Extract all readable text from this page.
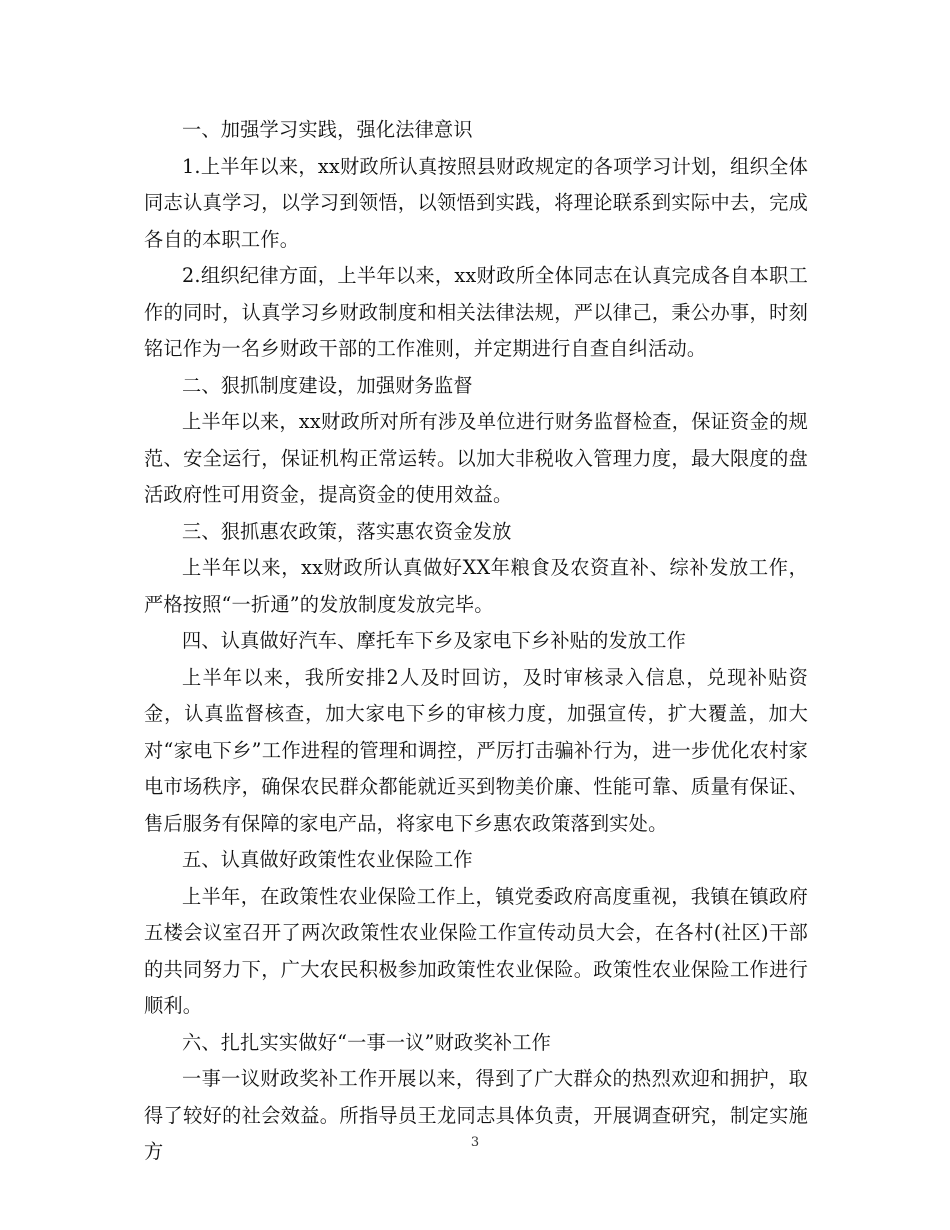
一、加强学习实践，强化法律意识

1.上半年以来，xx财政所认真按照县财政规定的各项学习计划，组织全体同志认真学习，以学习到领悟，以领悟到实践，将理论联系到实际中去，完成各自的本职工作。

2.组织纪律方面，上半年以来，xx财政所全体同志在认真完成各自本职工作的同时，认真学习乡财政制度和相关法律法规，严以律己，秉公办事，时刻铭记作为一名乡财政干部的工作准则，并定期进行自查自纠活动。

二、狠抓制度建设，加强财务监督

上半年以来，xx财政所对所有涉及单位进行财务监督检查，保证资金的规范、安全运行，保证机构正常运转。以加大非税收入管理力度，最大限度的盘活政府性可用资金，提高资金的使用效益。

三、狠抓惠农政策，落实惠农资金发放

上半年以来，xx财政所认真做好XX年粮食及农资直补、综补发放工作，严格按照“一折通”的发放制度发放完毕。

四、认真做好汽车、摩托车下乡及家电下乡补贴的发放工作

上半年以来，我所安排2人及时回访，及时审核录入信息，兑现补贴资金，认真监督核查，加大家电下乡的审核力度，加强宣传，扩大覆盖，加大对“家电下乡”工作进程的管理和调控，严厉打击骗补行为，进一步优化农村家电市场秩序，确保农民群众都能就近买到物美价廉、性能可靠、质量有保证、售后服务有保障的家电产品，将家电下乡惠农政策落到实处。

五、认真做好政策性农业保险工作

上半年，在政策性农业保险工作上，镇党委政府高度重视，我镇在镇政府五楼会议室召开了两次政策性农业保险工作宣传动员大会，在各村(社区)干部的共同努力下，广大农民积极参加政策性农业保险。政策性农业保险工作进行顺利。

六、扎扎实实做好“一事一议”财政奖补工作

一事一议财政奖补工作开展以来，得到了广大群众的热烈欢迎和拥护，取得了较好的社会效益。所指导员王龙同志具体负责，开展调查研究，制定实施方	3
